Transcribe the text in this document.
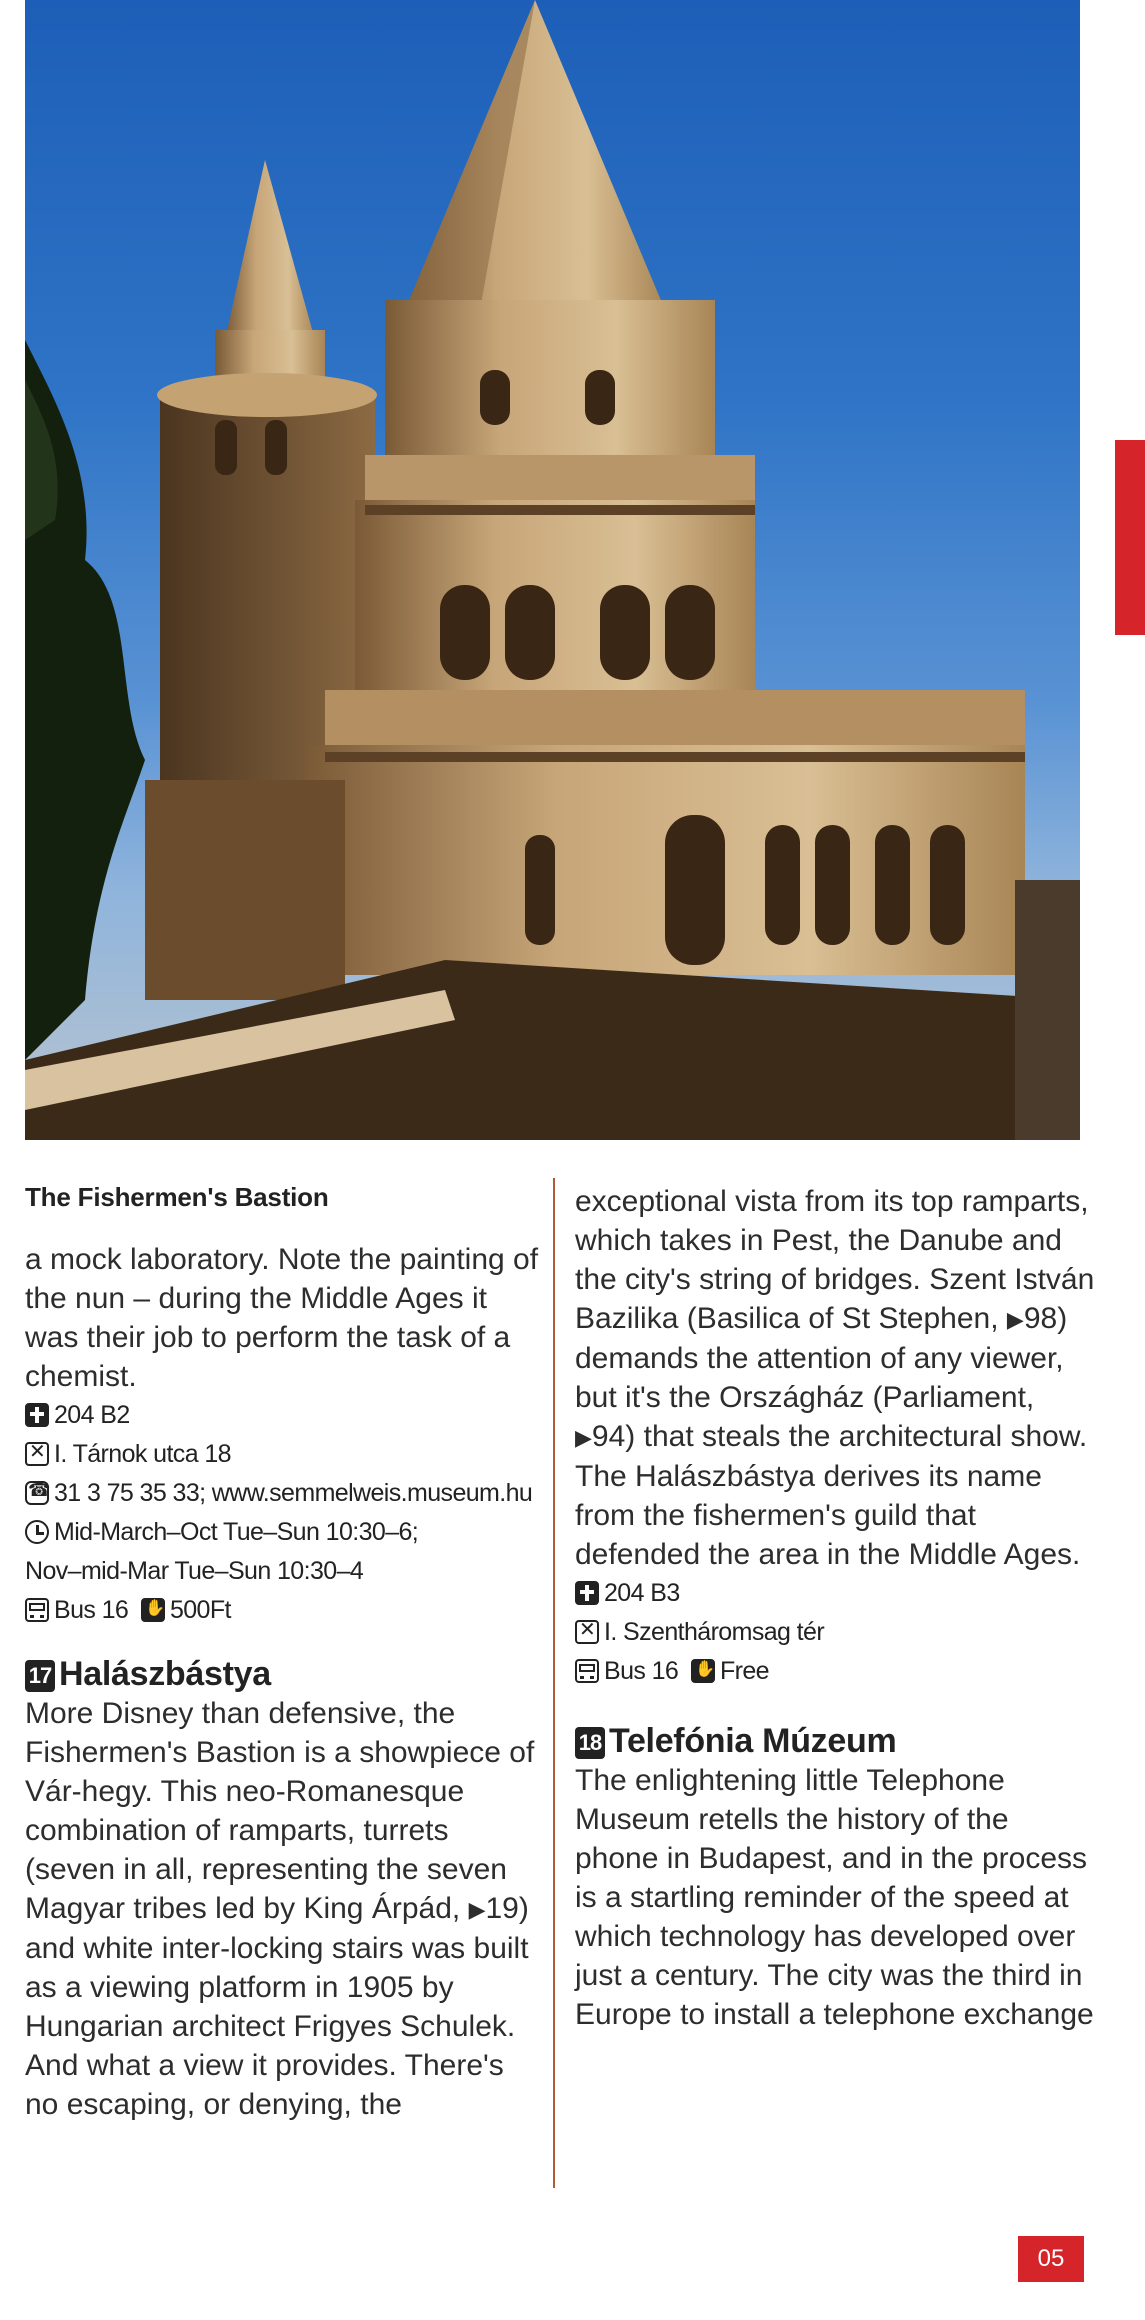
The Fishermen's Bastion

a mock laboratory. Note the painting of the nun – during the Middle Ages it was their job to perform the task of a chemist.

204 B2
✕I. Tárnok utca 18
☎31 3 75 35 33; www.semmelweis.museum.hu
Mid-March–Oct Tue–Sun 10:30–6;
Nov–mid-Mar Tue–Sun 10:30–4
Bus 16 ✋ 500Ft
17 Halászbástya

More Disney than defensive, the Fishermen's Bastion is a showpiece of Vár-hegy. This neo-Romanesque combination of ramparts, turrets (seven in all, representing the seven Magyar tribes led by King Árpád, ▶19) and white inter-locking stairs was built as a viewing platform in 1905 by Hungarian architect Frigyes Schulek. And what a view it provides. There's no escaping, or denying, the

exceptional vista from its top ramparts, which takes in Pest, the Danube and the city's string of bridges. Szent István Bazilika (Basilica of St Stephen, ▶98) demands the attention of any viewer, but it's the Országház (Parliament, ▶94) that steals the architectural show. The Halászbástya derives its name from the fishermen's guild that defended the area in the Middle Ages.

204 B3
✕I. Szentháromsag tér
Bus 16 ✋ Free
18 Telefónia Múzeum

The enlightening little Telephone Museum retells the history of the phone in Budapest, and in the process is a startling reminder of the speed at which technology has developed over just a century. The city was the third in Europe to install a telephone exchange

05
